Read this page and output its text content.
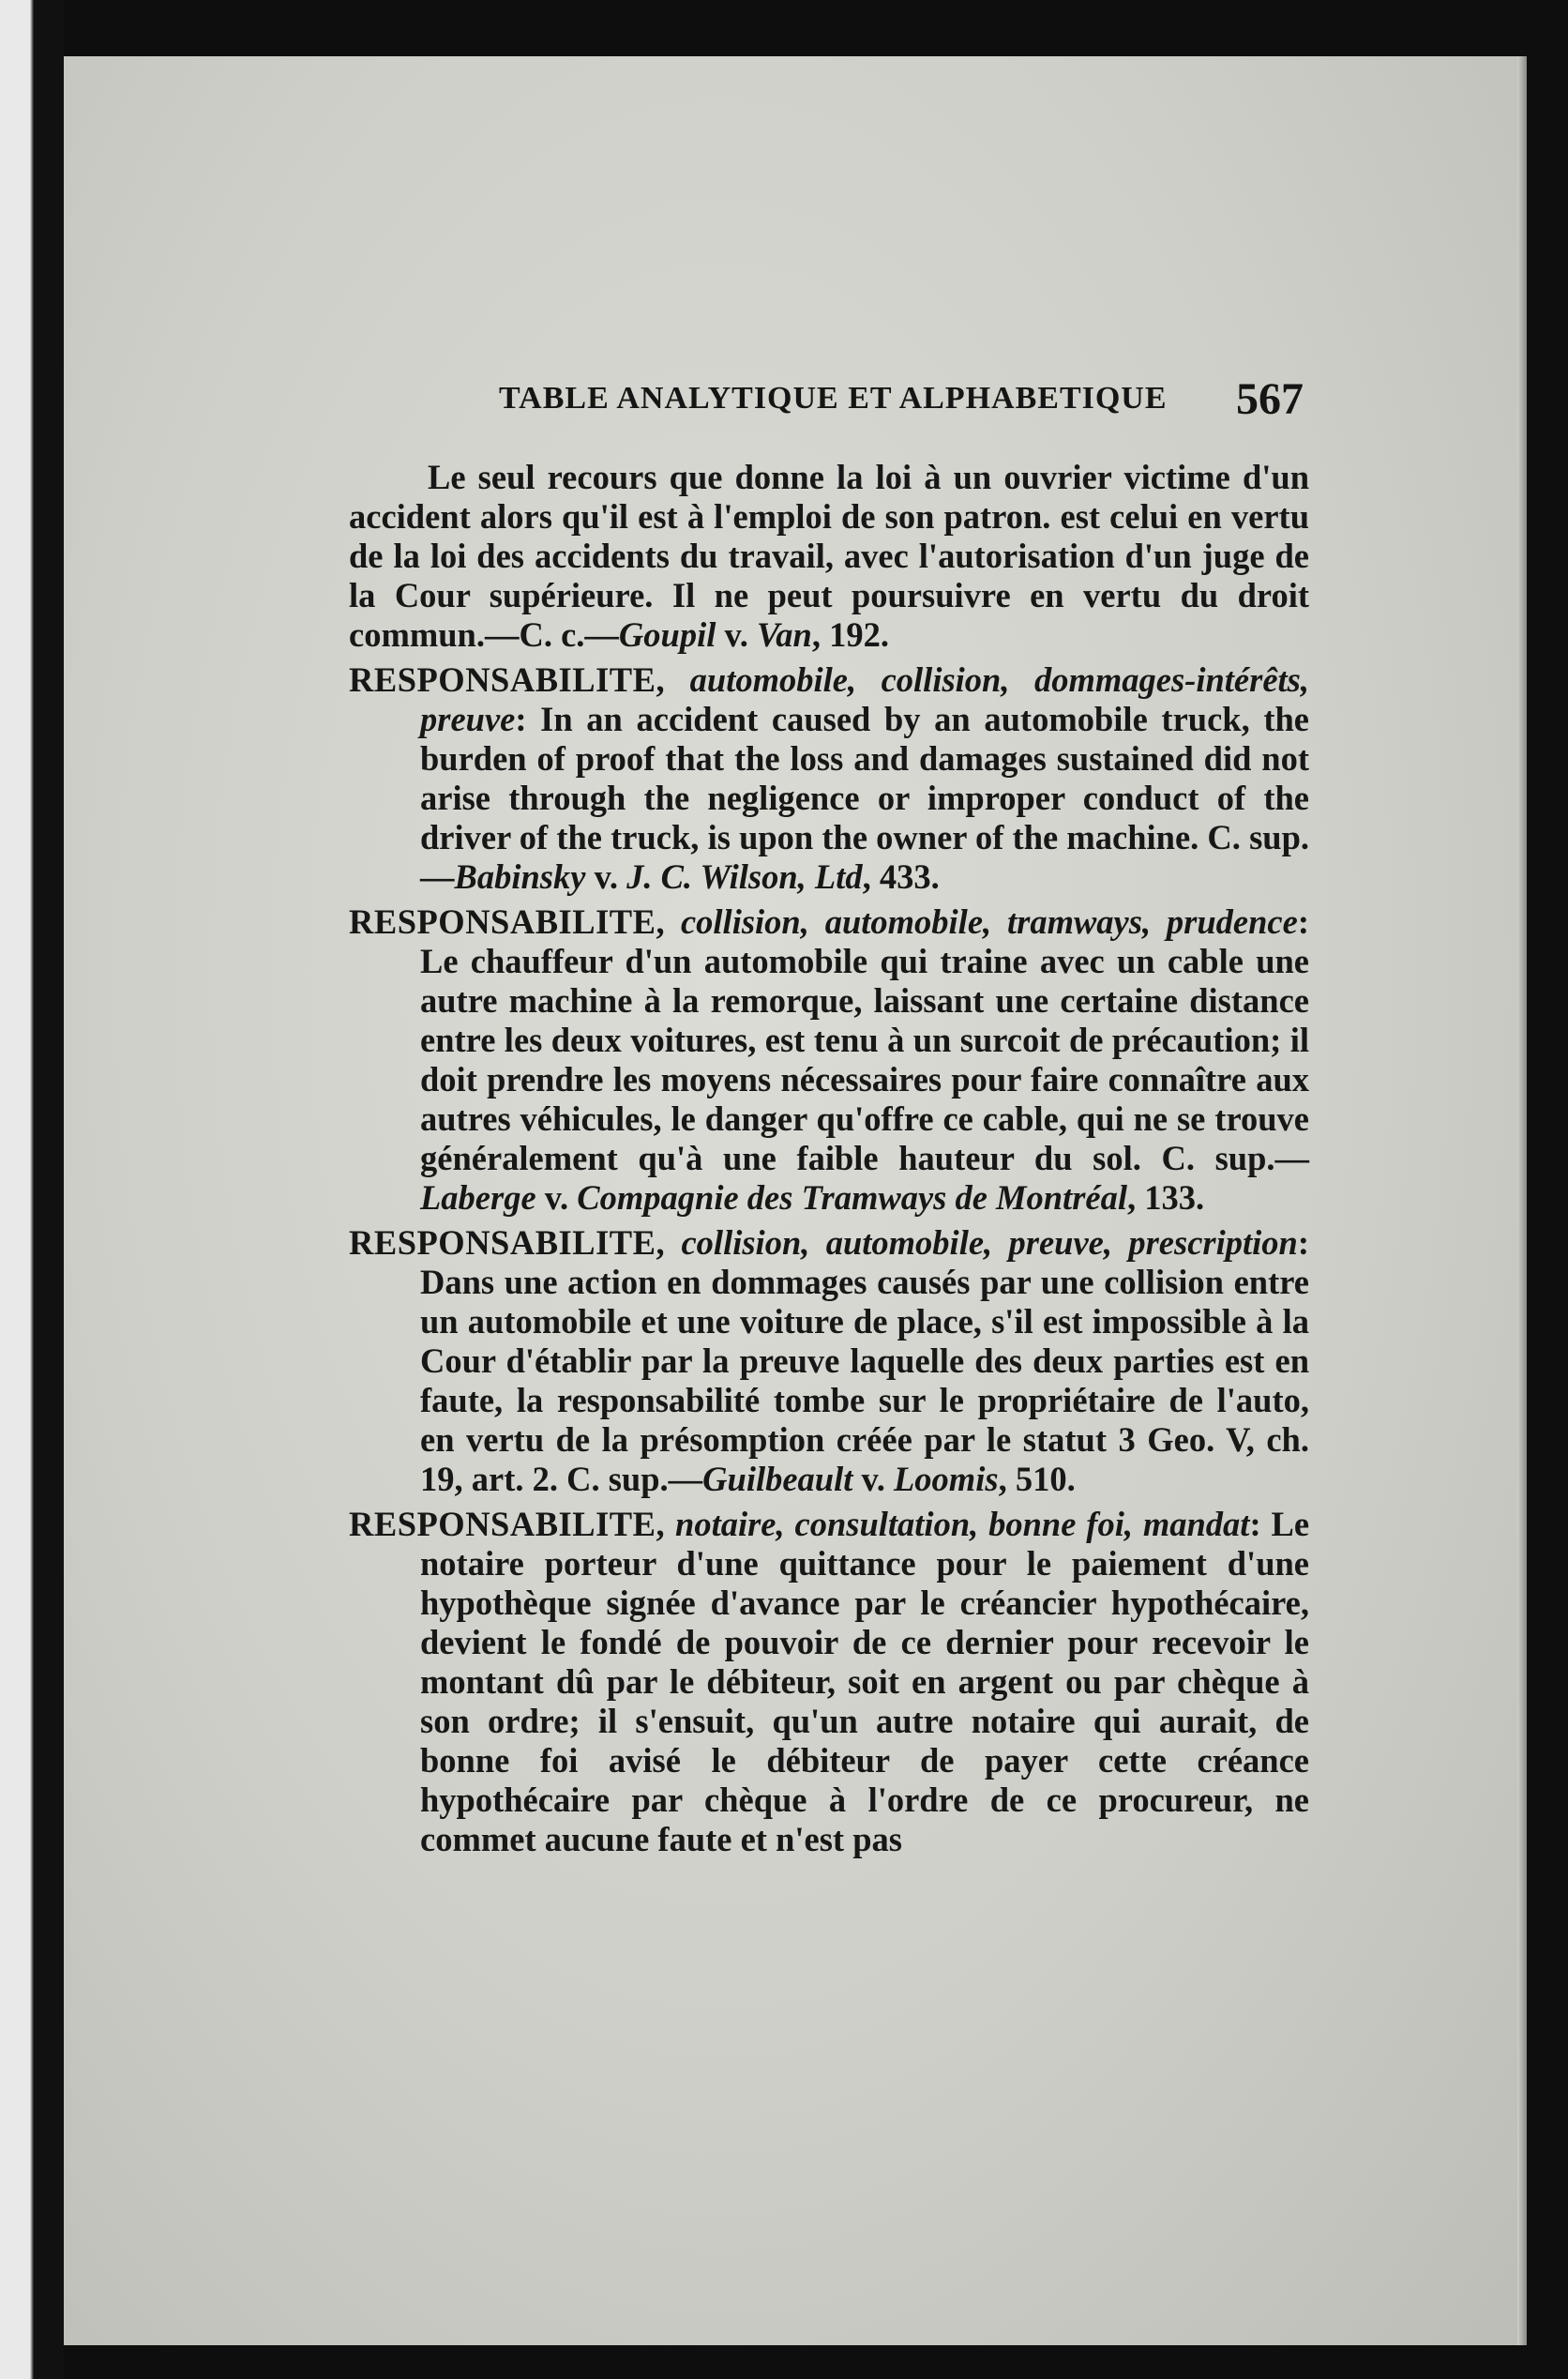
TABLE ANALYTIQUE ET ALPHABETIQUE 567

Le seul recours que donne la loi à un ouvrier victime d'un accident alors qu'il est à l'emploi de son patron. est celui en vertu de la loi des accidents du travail, avec l'autorisation d'un juge de la Cour supérieure. Il ne peut poursuivre en vertu du droit commun.—C. c.—Goupil v. Van, 192.

RESPONSABILITE, automobile, collision, dommages-intérêts, preuve: In an accident caused by an automobile truck, the burden of proof that the loss and damages sustained did not arise through the negligence or improper conduct of the driver of the truck, is upon the owner of the machine. C. sup.—Babinsky v. J. C. Wilson, Ltd, 433.

RESPONSABILITE, collision, automobile, tramways, prudence: Le chauffeur d'un automobile qui traine avec un cable une autre machine à la remorque, laissant une certaine distance entre les deux voitures, est tenu à un surcoit de précaution; il doit prendre les moyens nécessaires pour faire connaître aux autres véhicules, le danger qu'offre ce cable, qui ne se trouve généralement qu'à une faible hauteur du sol. C. sup.—Laberge v. Compagnie des Tramways de Montréal, 133.

RESPONSABILITE, collision, automobile, preuve, prescription: Dans une action en dommages causés par une collision entre un automobile et une voiture de place, s'il est impossible à la Cour d'établir par la preuve laquelle des deux parties est en faute, la responsabilité tombe sur le propriétaire de l'auto, en vertu de la présomption créée par le statut 3 Geo. V, ch. 19, art. 2. C. sup.—Guilbeault v. Loomis, 510.

RESPONSABILITE, notaire, consultation, bonne foi, mandat: Le notaire porteur d'une quittance pour le paiement d'une hypothèque signée d'avance par le créancier hypothécaire, devient le fondé de pouvoir de ce dernier pour recevoir le montant dû par le débiteur, soit en argent ou par chèque à son ordre; il s'ensuit, qu'un autre notaire qui aurait, de bonne foi avisé le débiteur de payer cette créance hypothécaire par chèque à l'ordre de ce procureur, ne commet aucune faute et n'est pas
